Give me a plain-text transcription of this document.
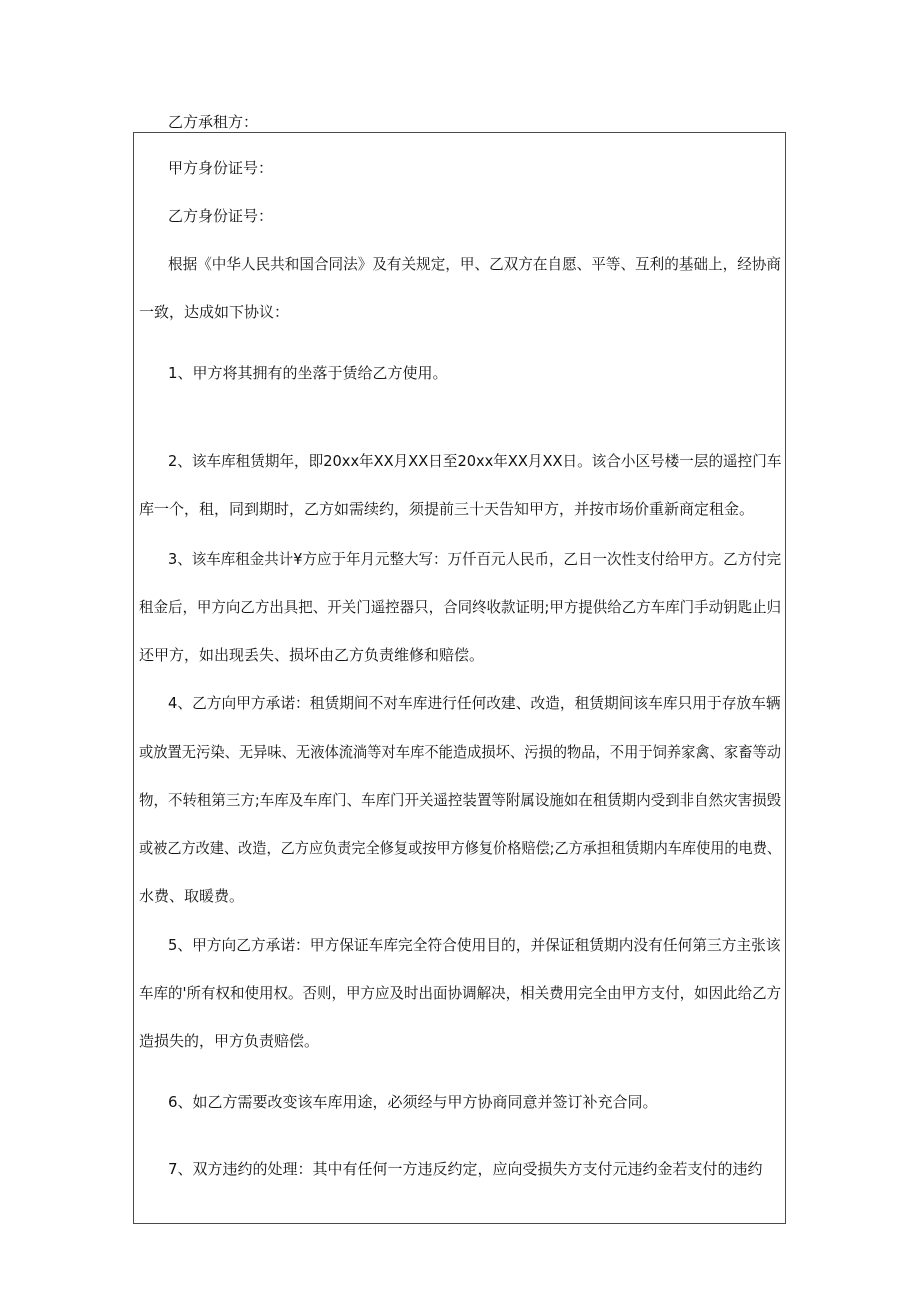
乙方承租方：
甲方身份证号：
乙方身份证号：
根据《中华人民共和国合同法》及有关规定，甲、乙双方在自愿、平等、互利的基础上，经协商
一致，达成如下协议：
1、甲方将其拥有的坐落于赁给乙方使用。
2、该车库租赁期年，即20xx年XX月XX日至20xx年XX月XX日。该合小区号楼一层的遥控门车
库一个，租，同到期时，乙方如需续约，须提前三十天告知甲方，并按市场价重新商定租金。
3、该车库租金共计¥方应于年月元整大写：万仟百元人民币，乙日一次性支付给甲方。乙方付完
租金后，甲方向乙方出具把、开关门遥控器只，合同终收款证明;甲方提供给乙方车库门手动钥匙止归
还甲方，如出现丢失、损坏由乙方负责维修和赔偿。
4、乙方向甲方承诺：租赁期间不对车库进行任何改建、改造，租赁期间该车库只用于存放车辆
或放置无污染、无异味、无液体流淌等对车库不能造成损坏、污损的物品，不用于饲养家禽、家畜等动
物，不转租第三方;车库及车库门、车库门开关遥控装置等附属设施如在租赁期内受到非自然灾害损毁
或被乙方改建、改造，乙方应负责完全修复或按甲方修复价格赔偿;乙方承担租赁期内车库使用的电费、
水费、取暖费。
5、甲方向乙方承诺：甲方保证车库完全符合使用目的，并保证租赁期内没有任何第三方主张该
车库的'所有权和使用权。否则，甲方应及时出面协调解决，相关费用完全由甲方支付，如因此给乙方
造损失的，甲方负责赔偿。
6、如乙方需要改变该车库用途，必须经与甲方协商同意并签订补充合同。
7、双方违约的处理：其中有任何一方违反约定，应向受损失方支付元违约金若支付的违约
